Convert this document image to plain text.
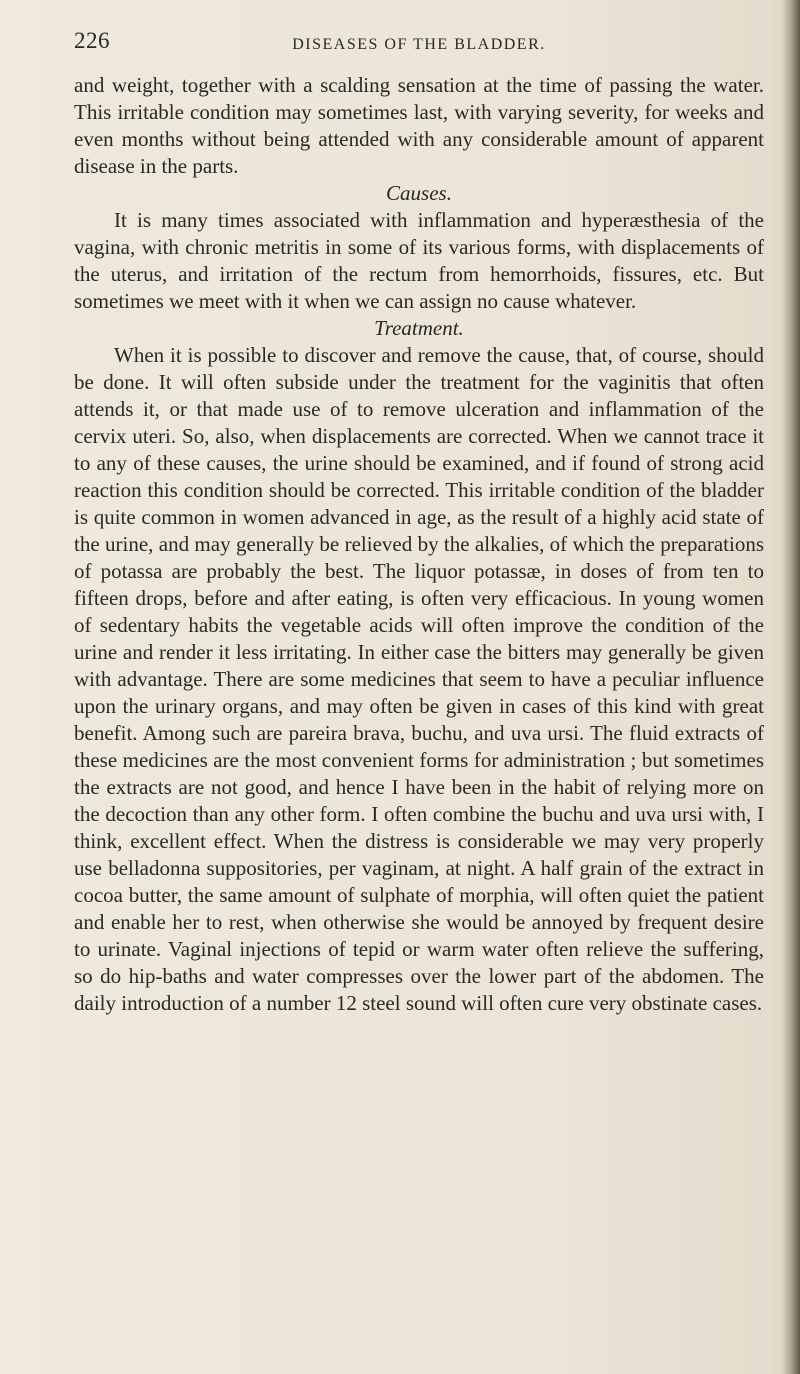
226	DISEASES OF THE BLADDER.

and weight, together with a scalding sensation at the time of passing the water. This irritable condition may sometimes last, with varying severity, for weeks and even months without being attended with any considerable amount of apparent disease in the parts.

Causes.

It is many times associated with inflammation and hyperæsthesia of the vagina, with chronic metritis in some of its various forms, with displacements of the uterus, and irritation of the rectum from hemorrhoids, fissures, etc. But sometimes we meet with it when we can assign no cause whatever.

Treatment.

When it is possible to discover and remove the cause, that, of course, should be done. It will often subside under the treatment for the vaginitis that often attends it, or that made use of to remove ulceration and inflammation of the cervix uteri. So, also, when displacements are corrected. When we cannot trace it to any of these causes, the urine should be examined, and if found of strong acid reaction this condition should be corrected. This irritable condition of the bladder is quite common in women advanced in age, as the result of a highly acid state of the urine, and may generally be relieved by the alkalies, of which the preparations of potassa are probably the best. The liquor potassæ, in doses of from ten to fifteen drops, before and after eating, is often very efficacious. In young women of sedentary habits the vegetable acids will often improve the condition of the urine and render it less irritating. In either case the bitters may generally be given with advantage. There are some medicines that seem to have a peculiar influence upon the urinary organs, and may often be given in cases of this kind with great benefit. Among such are pareira brava, buchu, and uva ursi. The fluid extracts of these medicines are the most convenient forms for administration ; but sometimes the extracts are not good, and hence I have been in the habit of relying more on the decoction than any other form. I often combine the buchu and uva ursi with, I think, excellent effect. When the distress is considerable we may very properly use belladonna suppositories, per vaginam, at night. A half grain of the extract in cocoa butter, the same amount of sulphate of morphia, will often quiet the patient and enable her to rest, when otherwise she would be annoyed by frequent desire to urinate. Vaginal injections of tepid or warm water often relieve the suffering, so do hip-baths and water compresses over the lower part of the abdomen. The daily introduction of a number 12 steel sound will often cure very obstinate cases.
